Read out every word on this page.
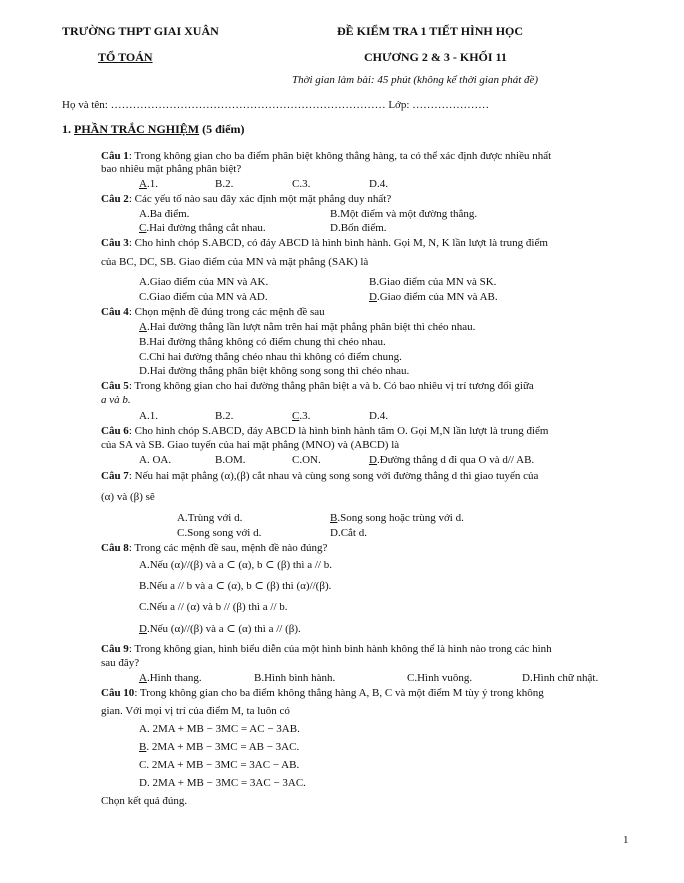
TRƯỜNG THPT GIAI XUÂN	ĐỀ KIỂM TRA 1 TIẾT HÌNH HỌC
TỔ TOÁN	CHƯƠNG 2 & 3 - KHỐI 11
Thời gian làm bài: 45 phút (không kể thời gian phát đề)
Họ và tên: ………………………………………………………………… Lớp: …………………
1. PHẦN TRẮC NGHIỆM (5 điểm)
Câu 1: Trong không gian cho ba điểm phân biệt không thẳng hàng, ta có thể xác định được nhiều nhất
bao nhiêu mặt phẳng phân biệt?
A.1.	B.2.	C.3.	D.4.
Câu 2: Các yếu tố nào sau đây xác định một mặt phẳng duy nhất?
A.Ba điểm.	B.Một điểm và một đường thẳng.
C.Hai đường thẳng cắt nhau.	D.Bốn điểm.
Câu 3: Cho hình chóp S.ABCD, có đáy ABCD là hình bình hành. Gọi M, N, K lần lượt là trung điểm
của BC, DC, SB. Giao điểm của MN và mặt phẳng (SAK) là
A.Giao điểm của MN và AK.	B.Giao điểm của MN và SK.
C.Giao điểm của MN và AD.	D.Giao điểm của MN và AB.
Câu 4: Chọn mệnh đề đúng trong các mệnh đề sau
A.Hai đường thẳng lần lượt nằm trên hai mặt phẳng phân biệt thì chéo nhau.
B.Hai đường thẳng không có điểm chung thì chéo nhau.
C.Chỉ hai đường thẳng chéo nhau thì không có điểm chung.
D.Hai đường thẳng phân biệt không song song thì chéo nhau.
Câu 5: Trong không gian cho hai đường thẳng phân biệt a và b. Có bao nhiêu vị trí tương đối giữa
a và b.
A.1.	B.2.	C.3.	D.4.
Câu 6: Cho hình chóp S.ABCD, đáy ABCD là hình bình hành tâm O. Gọi M,N lần lượt là trung điểm
của SA và SB. Giao tuyến của hai mặt phẳng (MNO) và (ABCD) là
A. OA.	B.OM.	C.ON.	D.Đường thẳng d đi qua O và d// AB.
Câu 7: Nếu hai mặt phẳng (α),(β) cắt nhau và cùng song song với đường thẳng d thì giao tuyến của
(α) và (β) sẽ
A.Trùng với d.	B.Song song hoặc trùng với d.
C.Song song với d.	D.Cắt d.
Câu 8: Trong các mệnh đề sau, mệnh đề nào đúng?
A.Nếu (α)//(β) và a ⊂ (α), b ⊂ (β) thì a // b.
B.Nếu a // b và a ⊂ (α), b ⊂ (β) thì (α)//(β).
C.Nếu a // (α) và b // (β) thì a // b.
D.Nếu (α)//(β) và a ⊂ (α) thì a // (β).
Câu 9: Trong không gian, hình biểu diễn của một hình bình hành không thể là hình nào trong các hình
sau đây?
A.Hình thang.	B.Hình bình hành.	C.Hình vuông.	D.Hình chữ nhật.
Câu 10: Trong không gian cho ba điểm không thẳng hàng A, B, C và một điểm M tùy ý trong không
gian. Với mọi vị trí của điểm M, ta luôn có
A. 2MA + MB − 3MC = AC − 3AB.
B. 2MA + MB − 3MC = AB − 3AC.
C. 2MA + MB − 3MC = 3AC − AB.
D. 2MA + MB − 3MC = 3AC − 3AC.
Chọn kết quả đúng.
1
